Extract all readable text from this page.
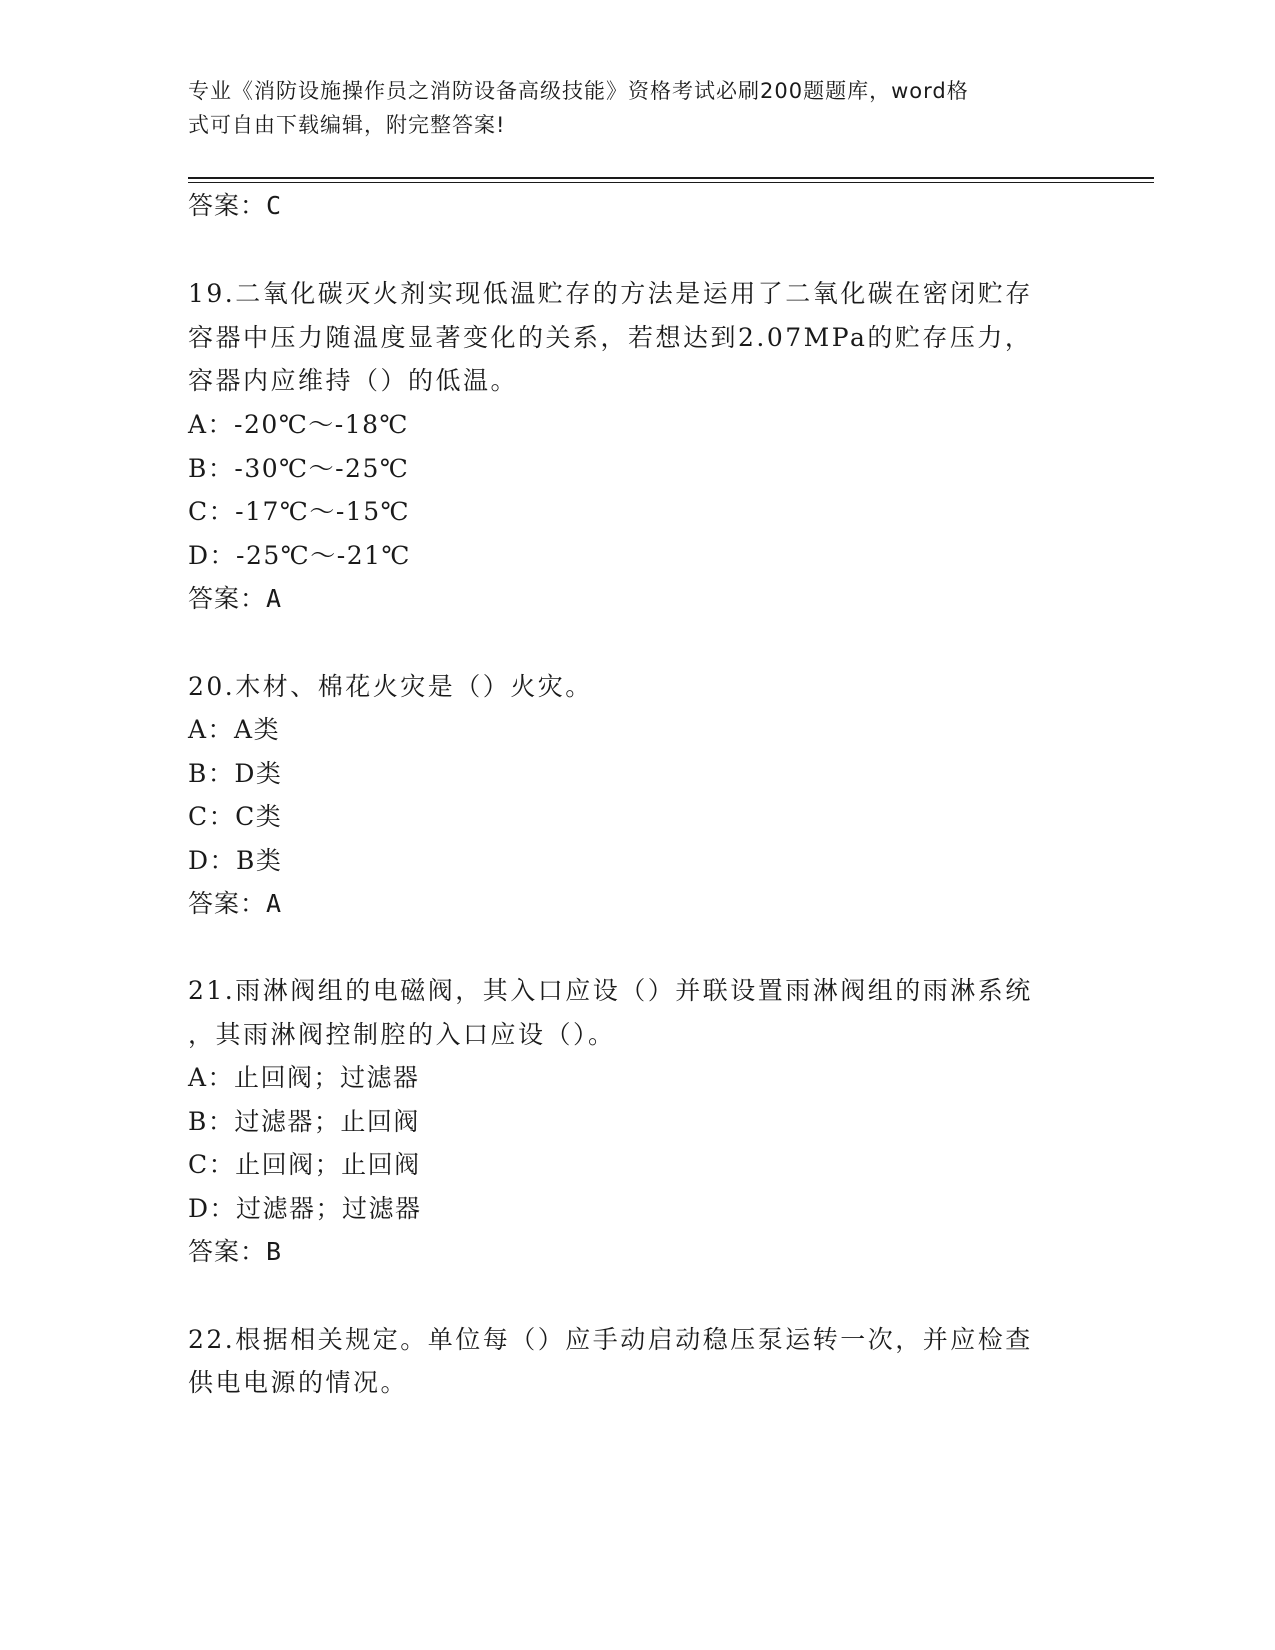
专业《消防设施操作员之消防设备高级技能》资格考试必刷200题题库，word格
式可自由下载编辑，附完整答案!
答案：C
19.二氧化碳灭火剂实现低温贮存的方法是运用了二氧化碳在密闭贮存
容器中压力随温度显著变化的关系，若想达到2.07MPa的贮存压力，
容器内应维持（）的低温。
A：-20℃～-18℃
B：-30℃～-25℃
C：-17℃～-15℃
D：-25℃～-21℃
答案：A
20.木材、棉花火灾是（）火灾。
A：A类
B：D类
C：C类
D：B类
答案：A
21.雨淋阀组的电磁阀，其入口应设（）并联设置雨淋阀组的雨淋系统
，其雨淋阀控制腔的入口应设（）。
A：止回阀；过滤器
B：过滤器；止回阀
C：止回阀；止回阀
D：过滤器；过滤器
答案：B
22.根据相关规定。单位每（）应手动启动稳压泵运转一次，并应检查
供电电源的情况。
